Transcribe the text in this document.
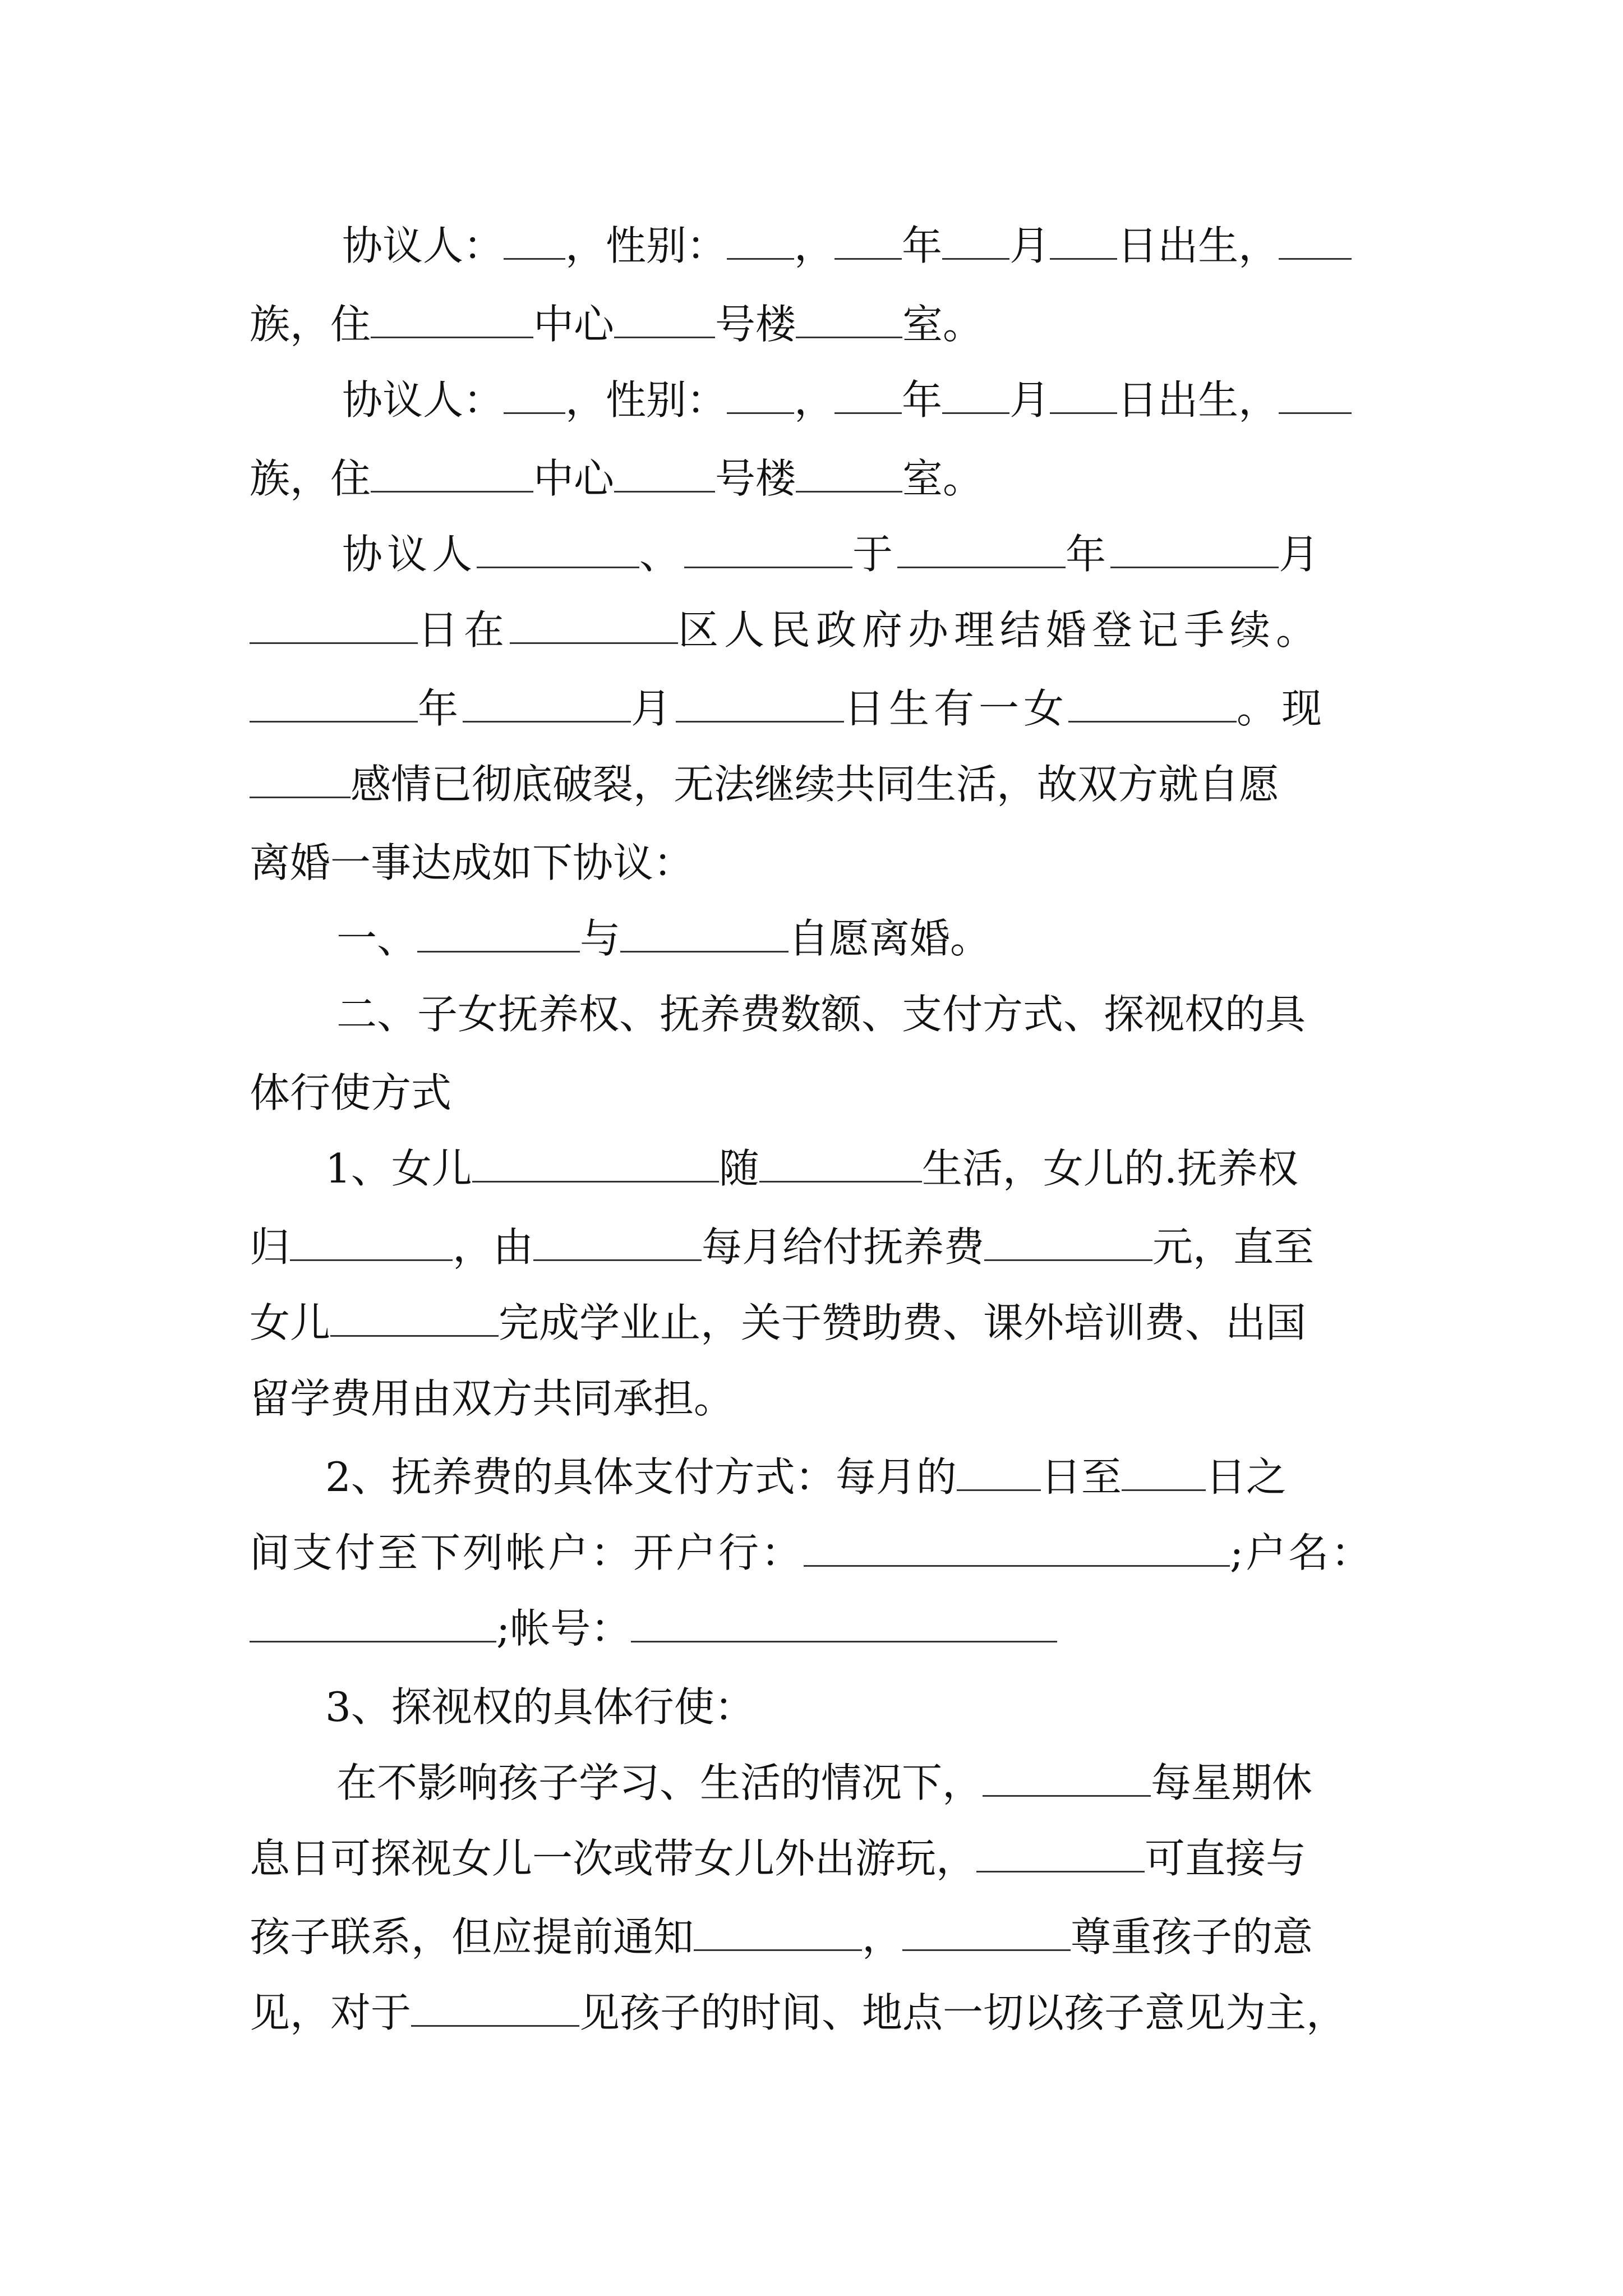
协议人： ，性别： ， 年 月 日出生，
族，住	中心	号楼	室。
协议人： ，性别： ， 年 月 日出生，
族，住	中心	号楼	室。
协议人	、	于	年	月
日在	区人民政府办理结婚登记手续。
年	月	日生有一女	。现
感情已彻底破裂，无法继续共同生活，故双方就自愿
离婚一事达成如下协议：
一、	与	自愿离婚。
二、子女抚养权、抚养费数额、支付方式、探视权的具
体行使方式
1、女儿	随	生活，女儿的.抚养权
归	，由	每月给付抚养费	元，直至
女儿	完成学业止，关于赞助费、课外培训费、出国
留学费用由双方共同承担。
2、抚养费的具体支付方式：每月的 日至 日之
间支付至下列帐户：开户行：	;户名：
;帐号：
3、探视权的具体行使：
在不影响孩子学习、生活的情况下，	每星期休
息日可探视女儿一次或带女儿外出游玩，	可直接与
孩子联系，但应提前通知	，	尊重孩子的意
见，对于	见孩子的时间、地点一切以孩子意见为主，
